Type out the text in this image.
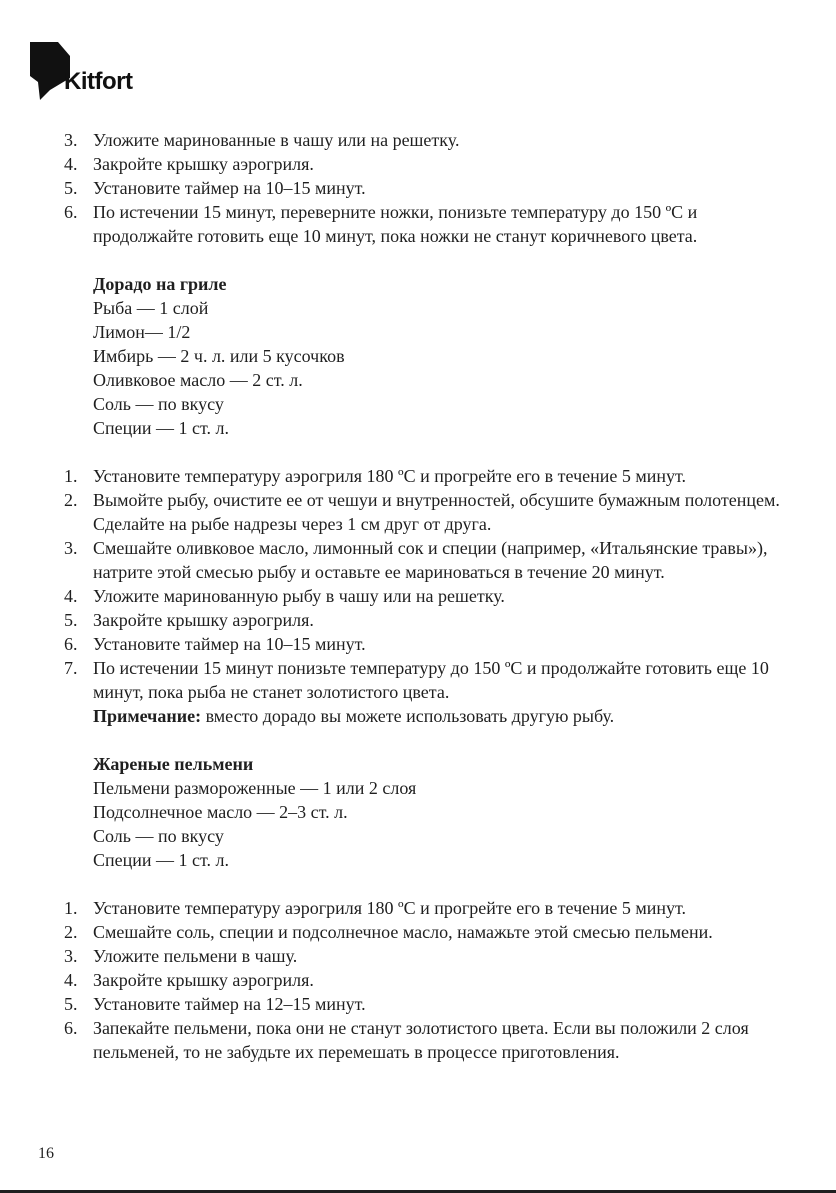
Kitfort
3. Уложите маринованные в чашу или на решетку.
4. Закройте крышку аэрогриля.
5. Установите таймер на 10–15 минут.
6. По истечении 15 минут, переверните ножки, понизьте температуру до 150 ºС и продолжайте готовить еще 10 минут, пока ножки не станут коричневого цвета.
Дорадо на гриле
Рыба — 1 слой
Лимон— 1/2
Имбирь — 2 ч. л. или 5 кусочков
Оливковое масло — 2 ст. л.
Соль — по вкусу
Специи — 1 ст. л.
1. Установите температуру аэрогриля 180 ºС и прогрейте его в течение 5 минут.
2. Вымойте рыбу, очистите ее от чешуи и внутренностей, обсушите бумажным полотенцем. Сделайте на рыбе надрезы через 1 см друг от друга.
3. Смешайте оливковое масло, лимонный сок и специи (например, «Итальянские травы»), натрите этой смесью рыбу и оставьте ее мариноваться в течение 20 минут.
4. Уложите маринованную рыбу в чашу или на решетку.
5. Закройте крышку аэрогриля.
6. Установите таймер на 10–15 минут.
7. По истечении 15 минут понизьте температуру до 150 ºС и продолжайте готовить еще 10 минут, пока рыба не станет золотистого цвета.
Примечание: вместо дорадо вы можете использовать другую рыбу.
Жареные пельмени
Пельмени размороженные — 1 или 2 слоя
Подсолнечное масло — 2–3 ст. л.
Соль — по вкусу
Специи — 1 ст. л.
1. Установите температуру аэрогриля 180 ºС и прогрейте его в течение 5 минут.
2. Смешайте соль, специи и подсолнечное масло, намажьте этой смесью пельмени.
3. Уложите пельмени в чашу.
4. Закройте крышку аэрогриля.
5. Установите таймер на 12–15 минут.
6. Запекайте пельмени, пока они не станут золотистого цвета. Если вы положили 2 слоя пельменей, то не забудьте их перемешать в процессе приготовления.
16
